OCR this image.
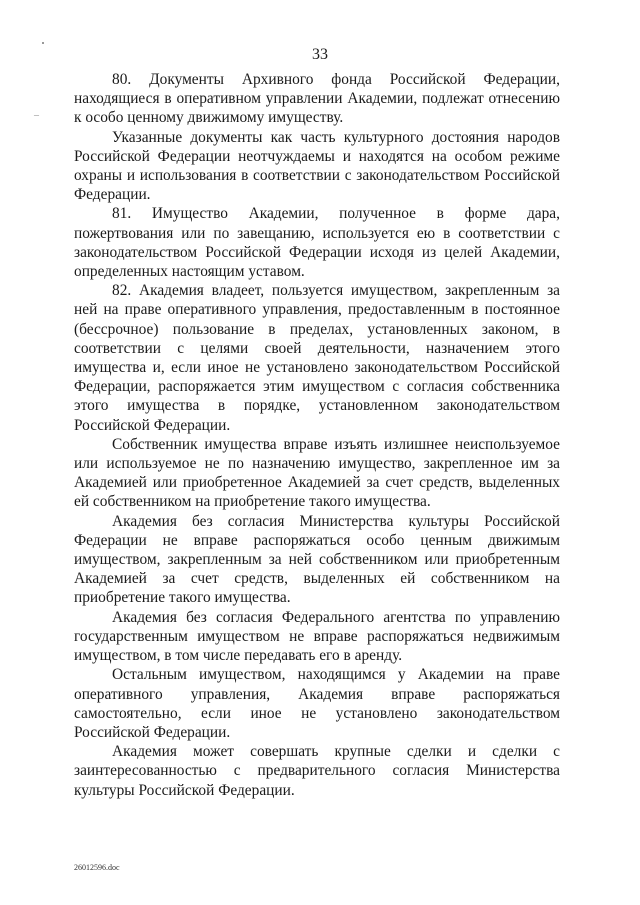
–
33

80. Документы Архивного фонда Российской Федерации, находящиеся в оперативном управлении Академии, подлежат отнесению к особо ценному движимому имуществу.

Указанные документы как часть культурного достояния народов Российской Федерации неотчуждаемы и находятся на особом режиме охраны и использования в соответствии с законодательством Российской Федерации.

81. Имущество Академии, полученное в форме дара, пожертвования или по завещанию, используется ею в соответствии с законодательством Российской Федерации исходя из целей Академии, определенных настоящим уставом.

82. Академия владеет, пользуется имуществом, закрепленным за ней на праве оперативного управления, предоставленным в постоянное (бессрочное) пользование в пределах, установленных законом, в соответствии с целями своей деятельности, назначением этого имущества и, если иное не установлено законодательством Российской Федерации, распоряжается этим имуществом с согласия собственника этого имущества в порядке, установленном законодательством Российской Федерации.

Собственник имущества вправе изъять излишнее неиспользуемое или используемое не по назначению имущество, закрепленное им за Академией или приобретенное Академией за счет средств, выделенных ей собственником на приобретение такого имущества.

Академия без согласия Министерства культуры Российской Федерации не вправе распоряжаться особо ценным движимым имуществом, закрепленным за ней собственником или приобретенным Академией за счет средств, выделенных ей собственником на приобретение такого имущества.

Академия без согласия Федерального агентства по управлению государственным имуществом не вправе распоряжаться недвижимым имуществом, в том числе передавать его в аренду.

Остальным имуществом, находящимся у Академии на праве оперативного управления, Академия вправе распоряжаться самостоятельно, если иное не установлено законодательством Российской Федерации.

Академия может совершать крупные сделки и сделки с заинтересованностью с предварительного согласия Министерства культуры Российской Федерации.

26012596.doc
